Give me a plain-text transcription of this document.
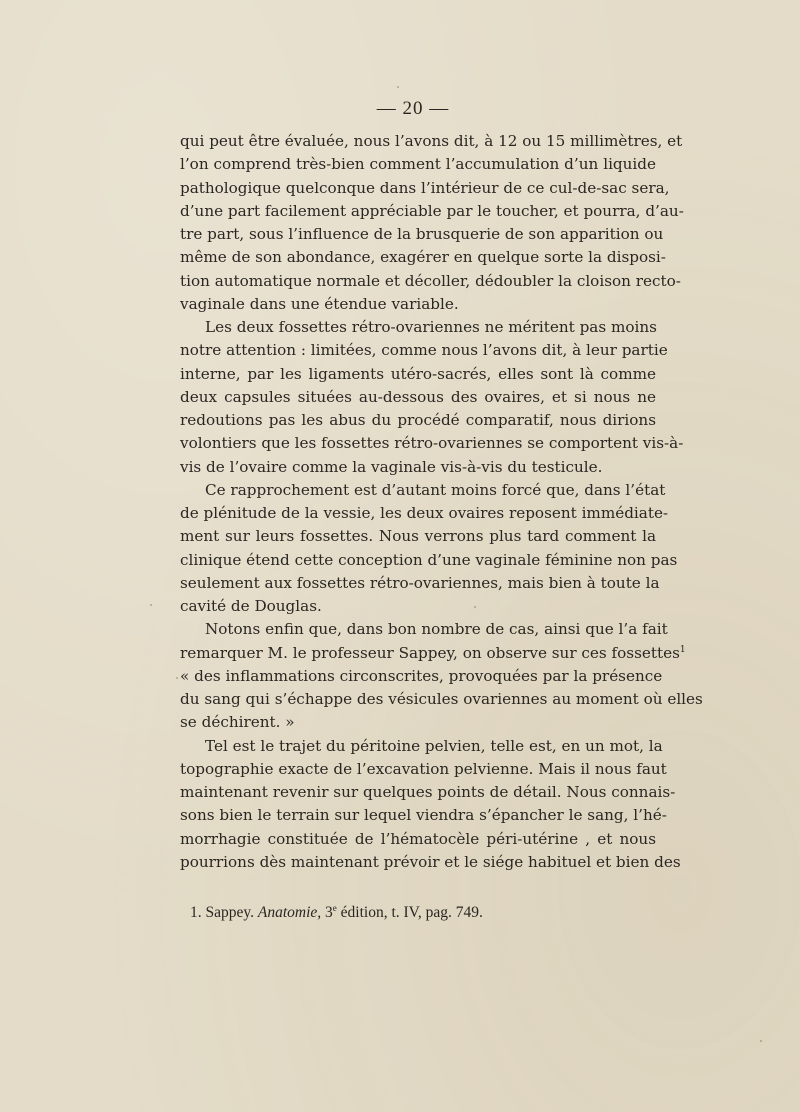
— 20 —
qui peut être évaluée, nous l’avons dit, à 12 ou 15 millimètres, et
l’on comprend très-bien comment l’accumulation d’un liquide
pathologique quelconque dans l’intérieur de ce cul-de-sac sera,
d’une part facilement appréciable par le toucher, et pourra, d’au-
tre part, sous l’influence de la brusquerie de son apparition ou
même de son abondance, exagérer en quelque sorte la disposi-
tion automatique normale et décoller, dédoubler la cloison recto-
vaginale dans une étendue variable.
Les deux fossettes rétro-ovariennes ne méritent pas moins
notre attention : limitées, comme nous l’avons dit, à leur partie
interne, par les ligaments utéro-sacrés, elles sont là comme
deux capsules situées au-dessous des ovaires, et si nous ne
redoutions pas les abus du procédé comparatif, nous dirions
volontiers que les fossettes rétro-ovariennes se comportent vis-à-
vis de l’ovaire comme la vaginale vis-à-vis du testicule.
Ce rapprochement est d’autant moins forcé que, dans l’état
de plénitude de la vessie, les deux ovaires reposent immédiate-
ment sur leurs fossettes. Nous verrons plus tard comment la
clinique étend cette conception d’une vaginale féminine non pas
seulement aux fossettes rétro-ovariennes, mais bien à toute la
cavité de Douglas.
Notons enfin que, dans bon nombre de cas, ainsi que l’a fait
remarquer M. le professeur Sappey, on observe sur ces fossettes$^1$
« des inflammations circonscrites, provoquées par la présence
du sang qui s’échappe des vésicules ovariennes au moment où elles
se déchirent. »
Tel est le trajet du péritoine pelvien, telle est, en un mot, la
topographie exacte de l’excavation pelvienne. Mais il nous faut
maintenant revenir sur quelques points de détail. Nous connais-
sons bien le terrain sur lequel viendra s’épancher le sang, l’hé-
morrhagie constituée de l’hématocèle péri-utérine , et nous
pourrions dès maintenant prévoir et le siége habituel et bien des
1. Sappey. Anatomie, 3e édition, t. IV, pag. 749.
